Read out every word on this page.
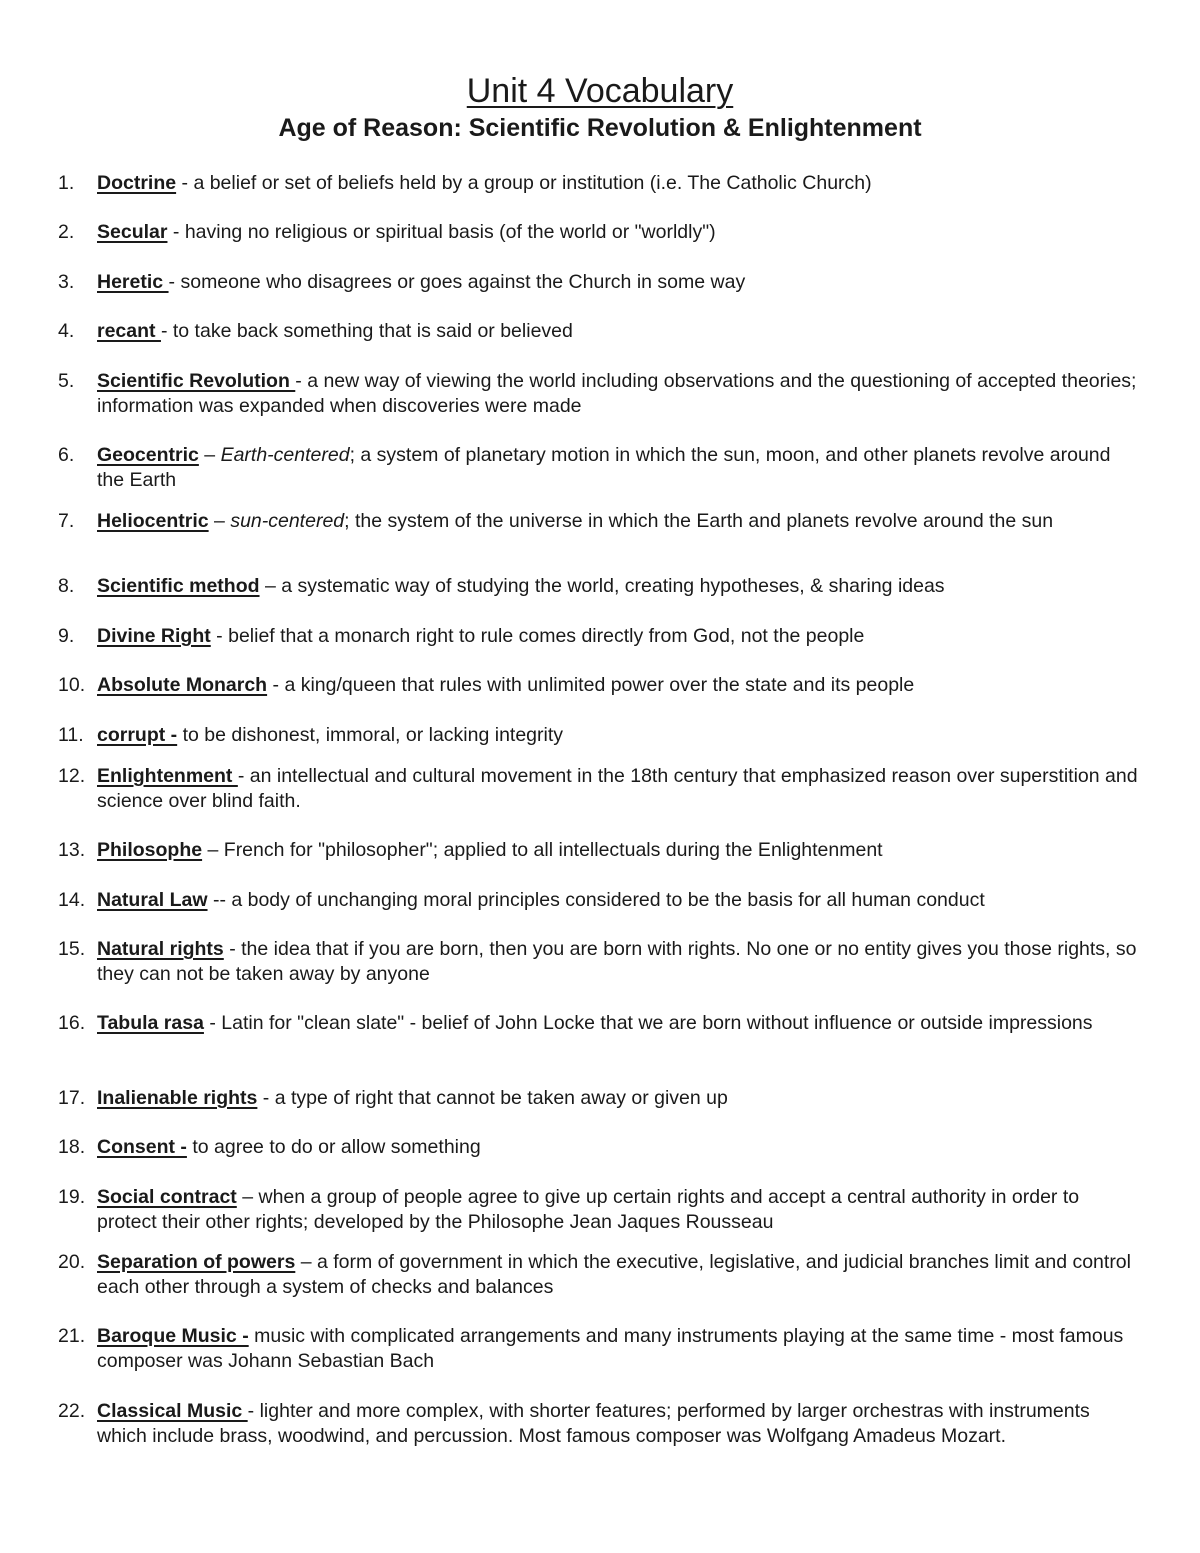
Unit 4 Vocabulary
Age of Reason: Scientific Revolution & Enlightenment
1.	Doctrine - a belief or set of beliefs held by a group or institution (i.e. The Catholic Church)
2.	Secular - having no religious or spiritual basis (of the world or "worldly")
3.	Heretic - someone who disagrees or goes against the Church in some way
4.	recant - to take back something that is said or believed
5.	Scientific Revolution - a new way of viewing the world including observations and the questioning of accepted theories; information was expanded when discoveries were made
6.	Geocentric – Earth-centered; a system of planetary motion in which the sun, moon, and other planets revolve around the Earth
7.	Heliocentric – sun-centered; the system of the universe in which the Earth and planets revolve around the sun
8.	Scientific method – a systematic way of studying the world, creating hypotheses, & sharing ideas
9.	Divine Right - belief that a monarch right to rule comes directly from God, not the people
10. Absolute Monarch - a king/queen that rules with unlimited power over the state and its people
11. corrupt - to be dishonest, immoral, or lacking integrity
12. Enlightenment - an intellectual and cultural movement in the 18th century that emphasized reason over superstition and science over blind faith.
13. Philosophe – French for "philosopher"; applied to all intellectuals during the Enlightenment
14. Natural Law -- a body of unchanging moral principles considered to be the basis for all human conduct
15. Natural rights - the idea that if you are born, then you are born with rights. No one or no entity gives you those rights, so they can not be taken away by anyone
16. Tabula rasa - Latin for "clean slate" - belief of John Locke that we are born without influence or outside impressions
17. Inalienable rights - a type of right that cannot be taken away or given up
18. Consent - to agree to do or allow something
19. Social contract – when a group of people agree to give up certain rights and accept a central authority in order to protect their other rights; developed by the Philosophe Jean Jaques Rousseau
20. Separation of powers – a form of government in which the executive, legislative, and judicial branches limit and control each other through a system of checks and balances
21. Baroque Music - music with complicated arrangements and many instruments playing at the same time - most famous composer was Johann Sebastian Bach
22. Classical Music - lighter and more complex, with shorter features; performed by larger orchestras with instruments which include brass, woodwind, and percussion. Most famous composer was Wolfgang Amadeus Mozart.
